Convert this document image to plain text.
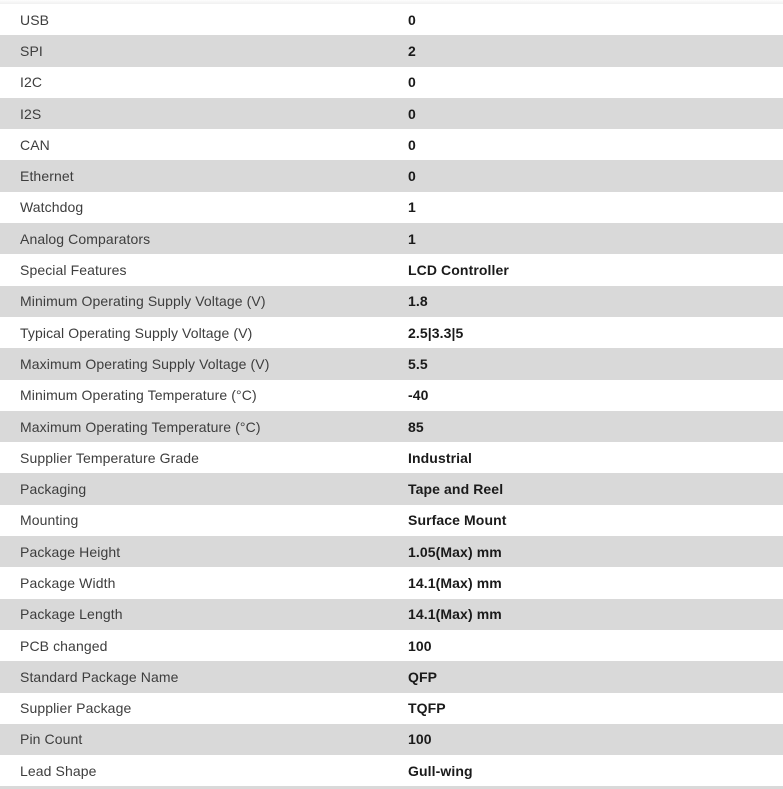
USB	0
SPI	2
I2C	0
I2S	0
CAN	0
Ethernet	0
Watchdog	1
Analog Comparators	1
Special Features	LCD Controller
Minimum Operating Supply Voltage (V)	1.8
Typical Operating Supply Voltage (V)	2.5|3.3|5
Maximum Operating Supply Voltage (V)	5.5
Minimum Operating Temperature (°C)	-40
Maximum Operating Temperature (°C)	85
Supplier Temperature Grade	Industrial
Packaging	Tape and Reel
Mounting	Surface Mount
Package Height	1.05(Max) mm
Package Width	14.1(Max) mm
Package Length	14.1(Max) mm
PCB changed	100
Standard Package Name	QFP
Supplier Package	TQFP
Pin Count	100
Lead Shape	Gull-wing
